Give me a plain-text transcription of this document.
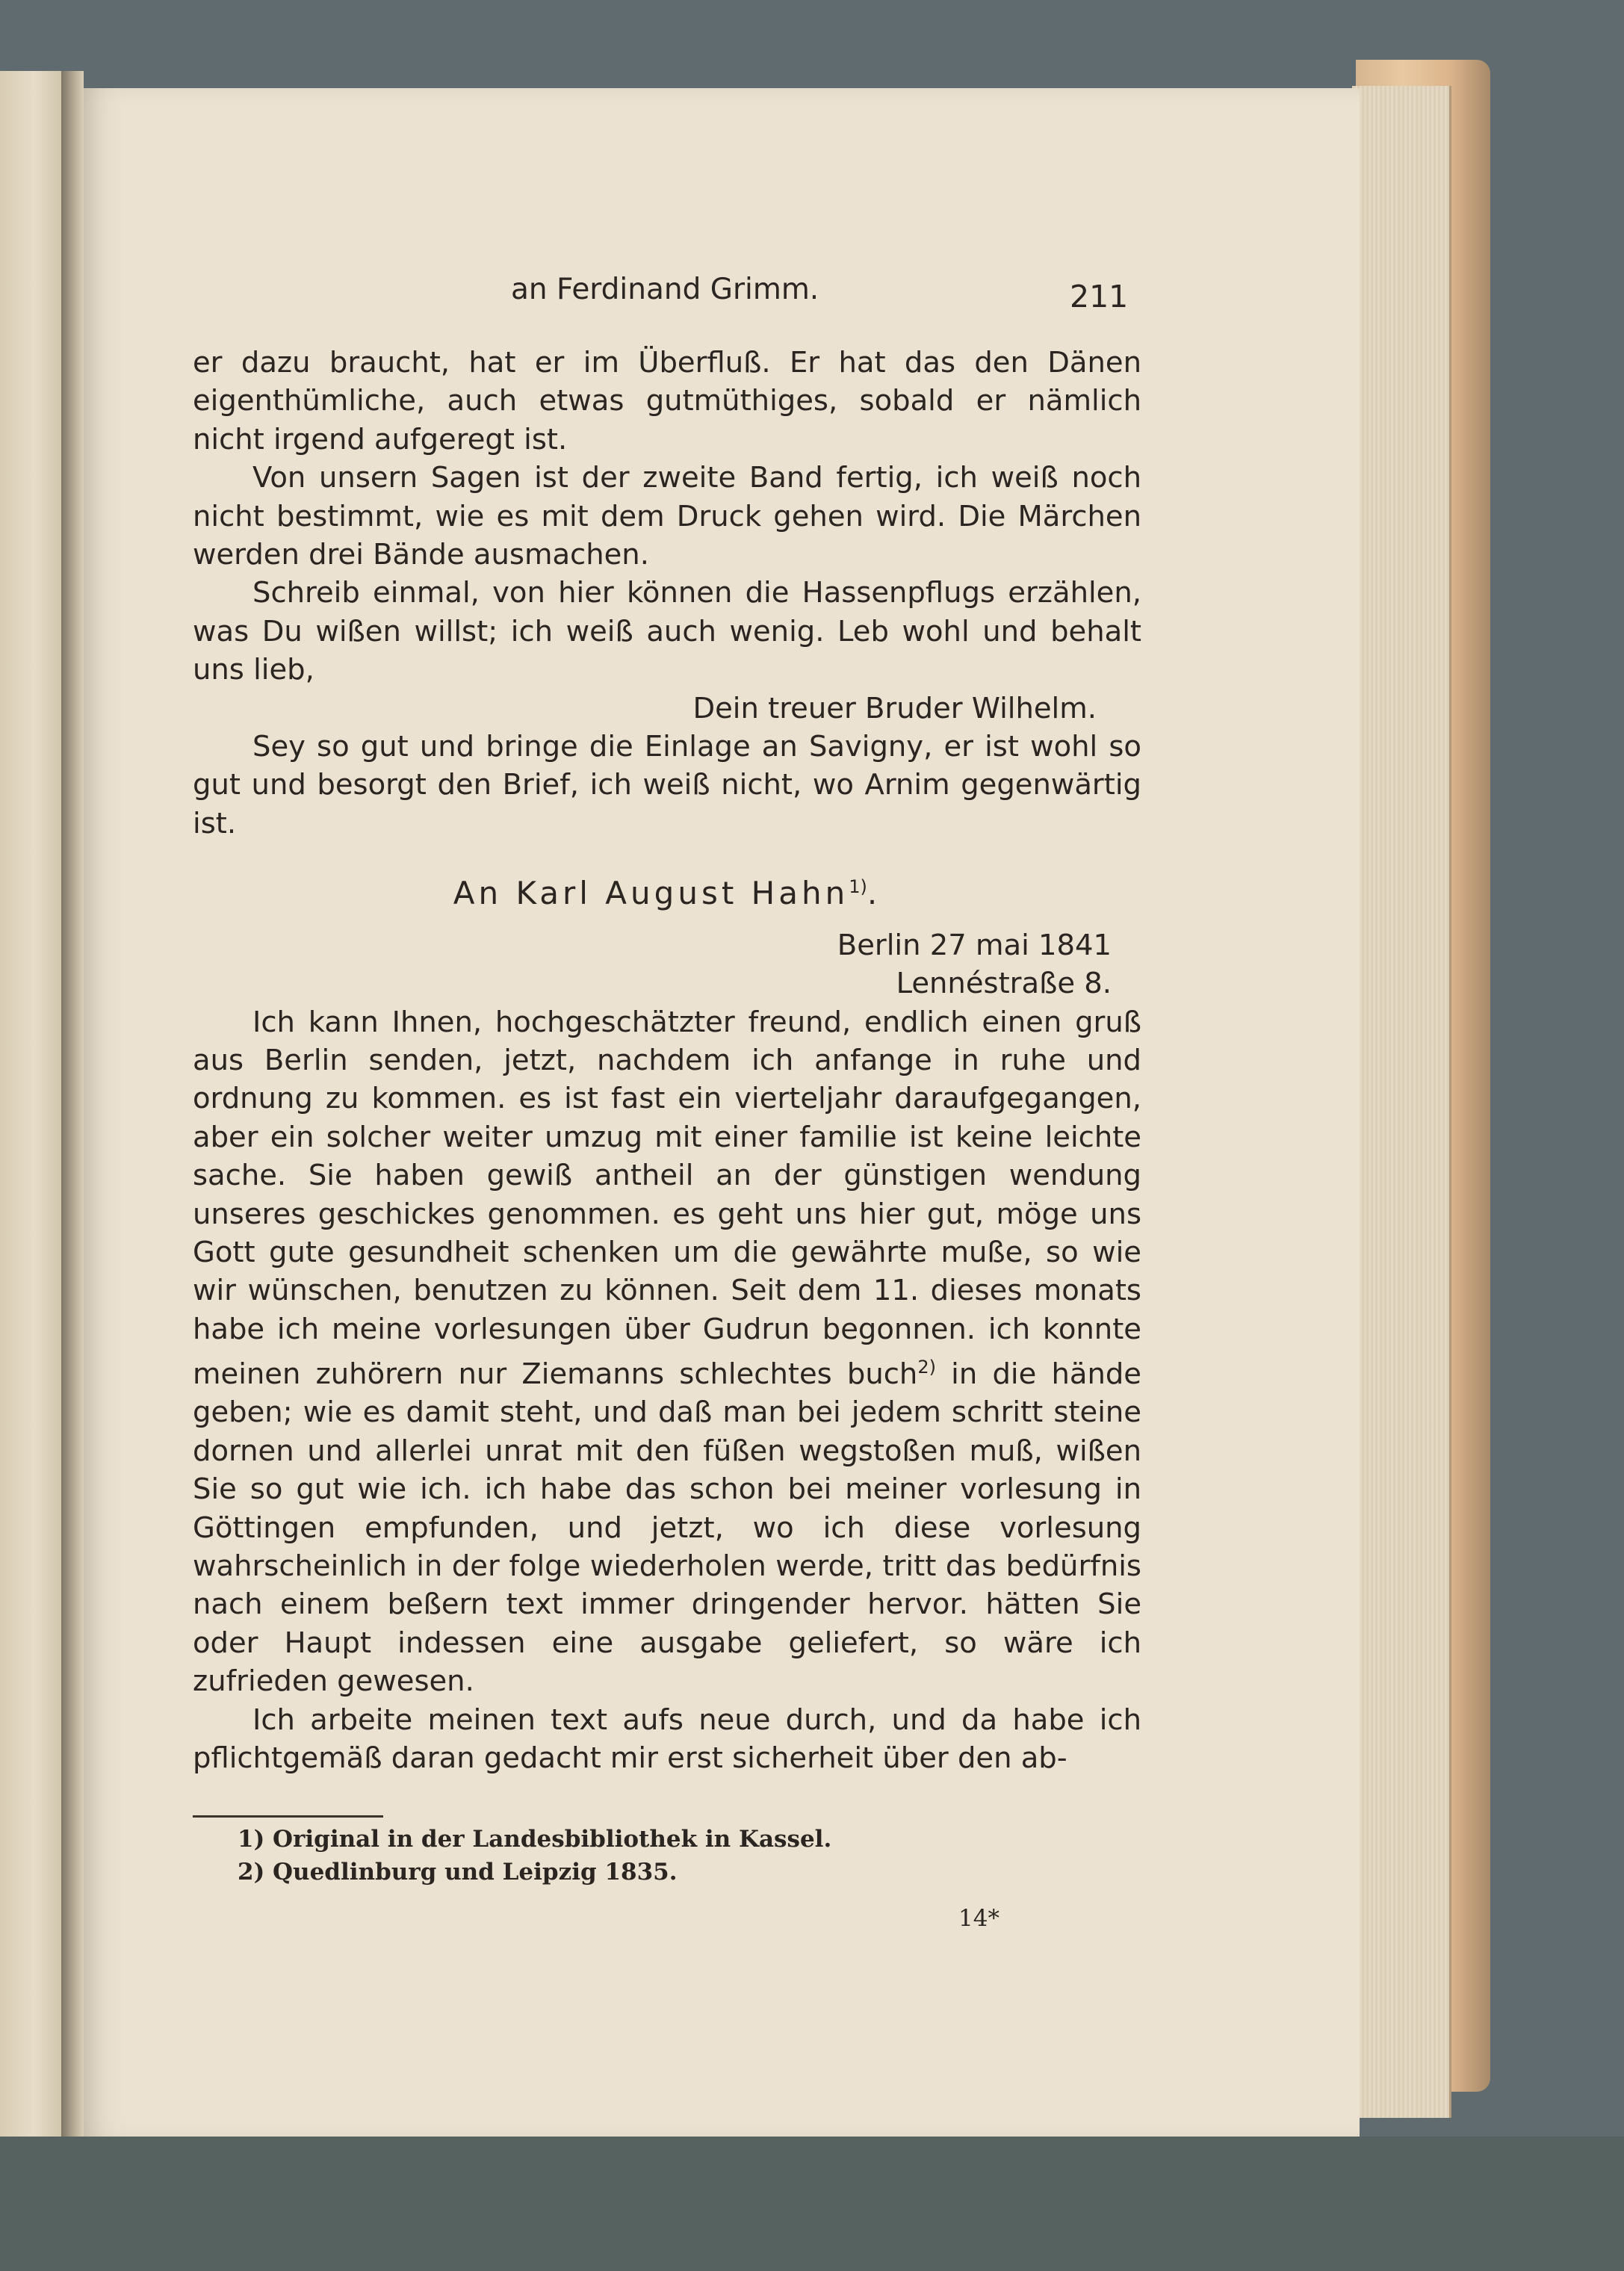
an Ferdinand Grimm.	211

er dazu braucht, hat er im Überfluß. Er hat das den Dänen eigenthümliche, auch etwas gutmüthiges, sobald er nämlich nicht irgend aufgeregt ist.

Von unsern Sagen ist der zweite Band fertig, ich weiß noch nicht bestimmt, wie es mit dem Druck gehen wird. Die Märchen werden drei Bände ausmachen.

Schreib einmal, von hier können die Hassenpflugs erzählen, was Du wißen willst; ich weiß auch wenig. Leb wohl und behalt uns lieb,

Dein treuer Bruder Wilhelm.

Sey so gut und bringe die Einlage an Savigny, er ist wohl so gut und besorgt den Brief, ich weiß nicht, wo Arnim gegenwärtig ist.

An Karl August Hahn$^{1)}$.

Berlin 27 mai 1841

Lennéstraße 8.

Ich kann Ihnen, hochgeschätzter freund, endlich einen gruß aus Berlin senden, jetzt, nachdem ich anfange in ruhe und ordnung zu kommen. es ist fast ein vierteljahr daraufgegangen, aber ein solcher weiter umzug mit einer familie ist keine leichte sache. Sie haben gewiß antheil an der günstigen wendung unseres geschickes genommen. es geht uns hier gut, möge uns Gott gute gesundheit schenken um die gewährte muße, so wie wir wünschen, benutzen zu können. Seit dem 11. dieses monats habe ich meine vorlesungen über Gudrun begonnen. ich konnte meinen zuhörern nur Ziemanns schlechtes buch$^{2)}$ in die hände geben; wie es damit steht, und daß man bei jedem schritt steine dornen und allerlei unrat mit den füßen wegstoßen muß, wißen Sie so gut wie ich. ich habe das schon bei meiner vorlesung in Göttingen empfunden, und jetzt, wo ich diese vorlesung wahrscheinlich in der folge wiederholen werde, tritt das bedürfnis nach einem beßern text immer dringender hervor. hätten Sie oder Haupt indessen eine ausgabe geliefert, so wäre ich zufrieden gewesen.

Ich arbeite meinen text aufs neue durch, und da habe ich pflichtgemäß daran gedacht mir erst sicherheit über den ab-

1) Original in der Landesbibliothek in Kassel.

2) Quedlinburg und Leipzig 1835.

14*
